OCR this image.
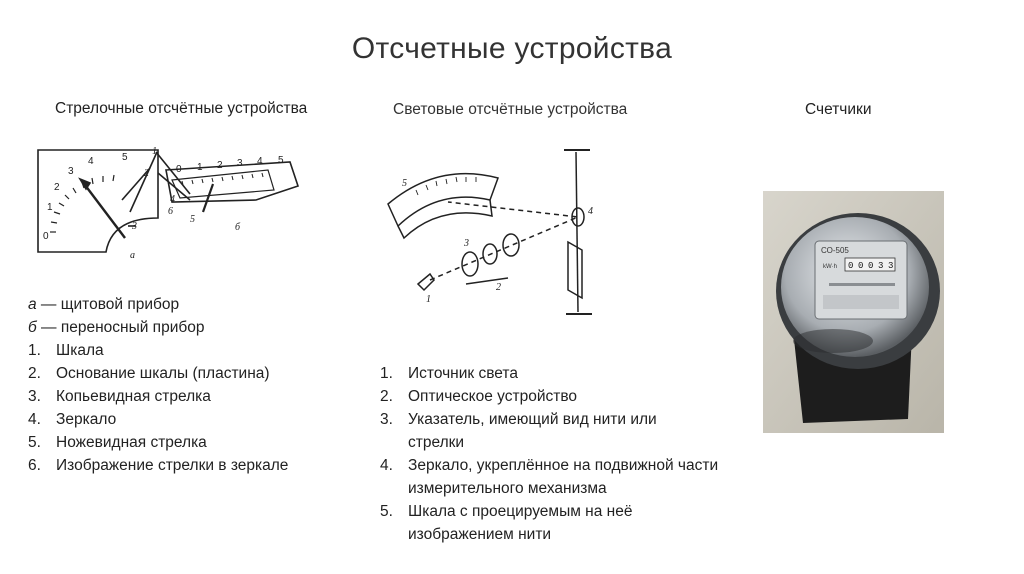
Отсчетные устройства
Стрелочные отсчётные устройства	Световые отсчётные устройства	Счетчики
0
1
2
3
4	5
1
2
3
а
0 1 2 3 4 5
6
4
5
б
1
2
3
4
5
СО-505
kW·h 0 0 0 3 3
а — щитовой прибор
б — переносный прибор
1. Шкала
2. Основание шкалы (пластина)
3. Копьевидная стрелка
4. Зеркало
5. Ножевидная стрелка
6. Изображение стрелки в зеркале
1. Источник света
2. Оптическое устройство
3. Указатель, имеющий вид нити или стрелки
4. Зеркало, укреплённое на подвижной части измерительного механизма
5. Шкала с проецируемым на неё изображением нити
